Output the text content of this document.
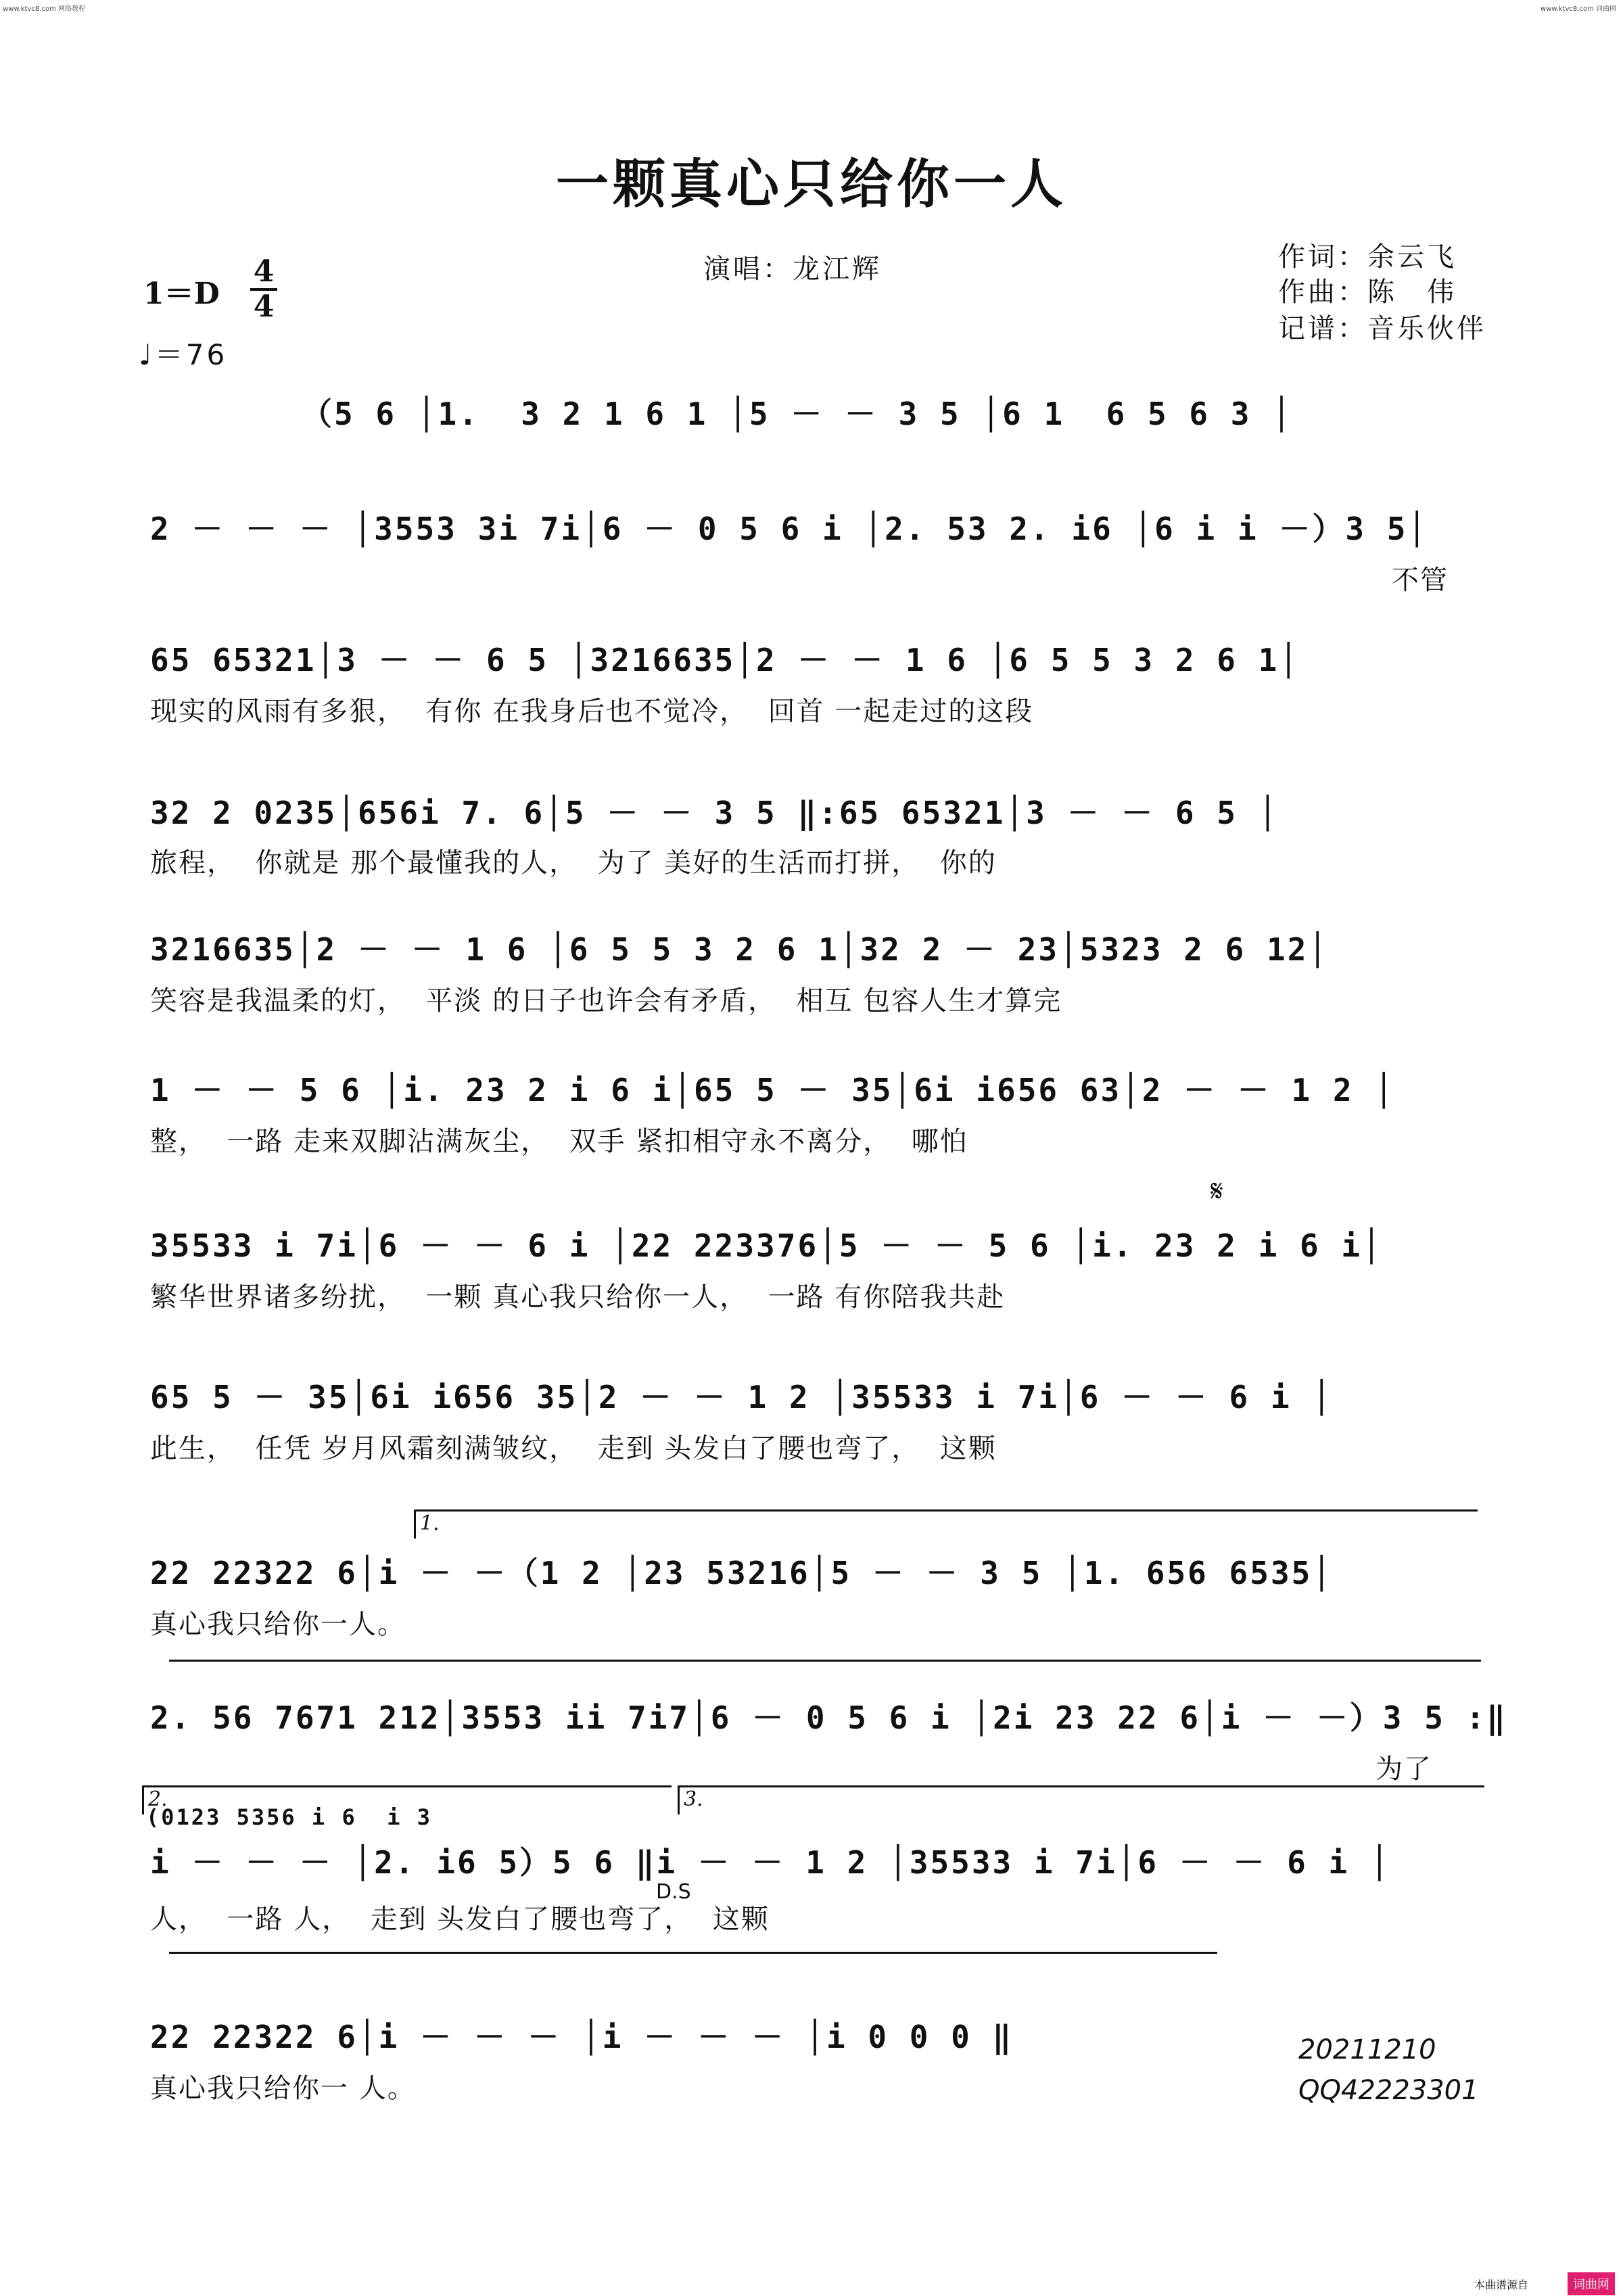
www.ktvc8.com 网络教程	www.ktvc8.com 词曲网
一颗真心只给你一人
演唱：龙江辉	作词：余云飞
作曲：陈　伟
记谱：音乐伙伴
1＝D
4
4
♩＝76
（5 6 │1.  3 2 1 6 1 │5 － － 3 5 │6 1  6 5 6 3 │
2 － － － │3553 3i 7i│6 － 0 5 6 i │2. 53 2. i6 │6 i i －）3 5│
不管
65 65321│3 － － 6 5 │3216635│2 － － 1 6 │6 5 5 3 2 6 1│
现实的风雨有多狠，  有你 在我身后也不觉冷，  回首 一起走过的这段
32 2 0235│656i 7. 6│5 － － 3 5 ‖:65 65321│3 － － 6 5 │
旅程，  你就是 那个最懂我的人，  为了 美好的生活而打拼，  你的
3216635│2 － － 1 6 │6 5 5 3 2 6 1│32 2 － 23│5323 2 6 12│
笑容是我温柔的灯，  平淡 的日子也许会有矛盾，  相互 包容人生才算完
1 － － 5 6 │i. 23 2 i 6 i│65 5 － 35│6i i656 63│2 － － 1 2 │
整，  一路 走来双脚沾满灰尘，  双手 紧扣相守永不离分，  哪怕
𝄋
35533 i 7i│6 － － 6 i │22 223376│5 － － 5 6 │i. 23 2 i 6 i│
繁华世界诸多纷扰，  一颗 真心我只给你一人，  一路 有你陪我共赴
65 5 － 35│6i i656 35│2 － － 1 2 │35533 i 7i│6 － － 6 i │
此生，  任凭 岁月风霜刻满皱纹，  走到 头发白了腰也弯了，  这颗
1.
22 22322 6│i － －（1 2 │23 53216│5 － － 3 5 │1. 656 6535│
真心我只给你一人。
2. 56 7671 212│3553 ii 7i7│6 － 0 5 6 i │2i 23 22 6│i － －）3 5 :‖
为了
2.	3.
(0123 5356 i 6  i 3
i － － － │2. i6 5）5 6 ‖i － － 1 2 │35533 i 7i│6 － － 6 i │
D.S
人，  一路 人，  走到 头发白了腰也弯了，  这颗
22 22322 6│i － － － │i － － － │i 0 0 0 ‖
真心我只给你一 人。
20211210
QQ42223301
本曲谱源自	词曲网
